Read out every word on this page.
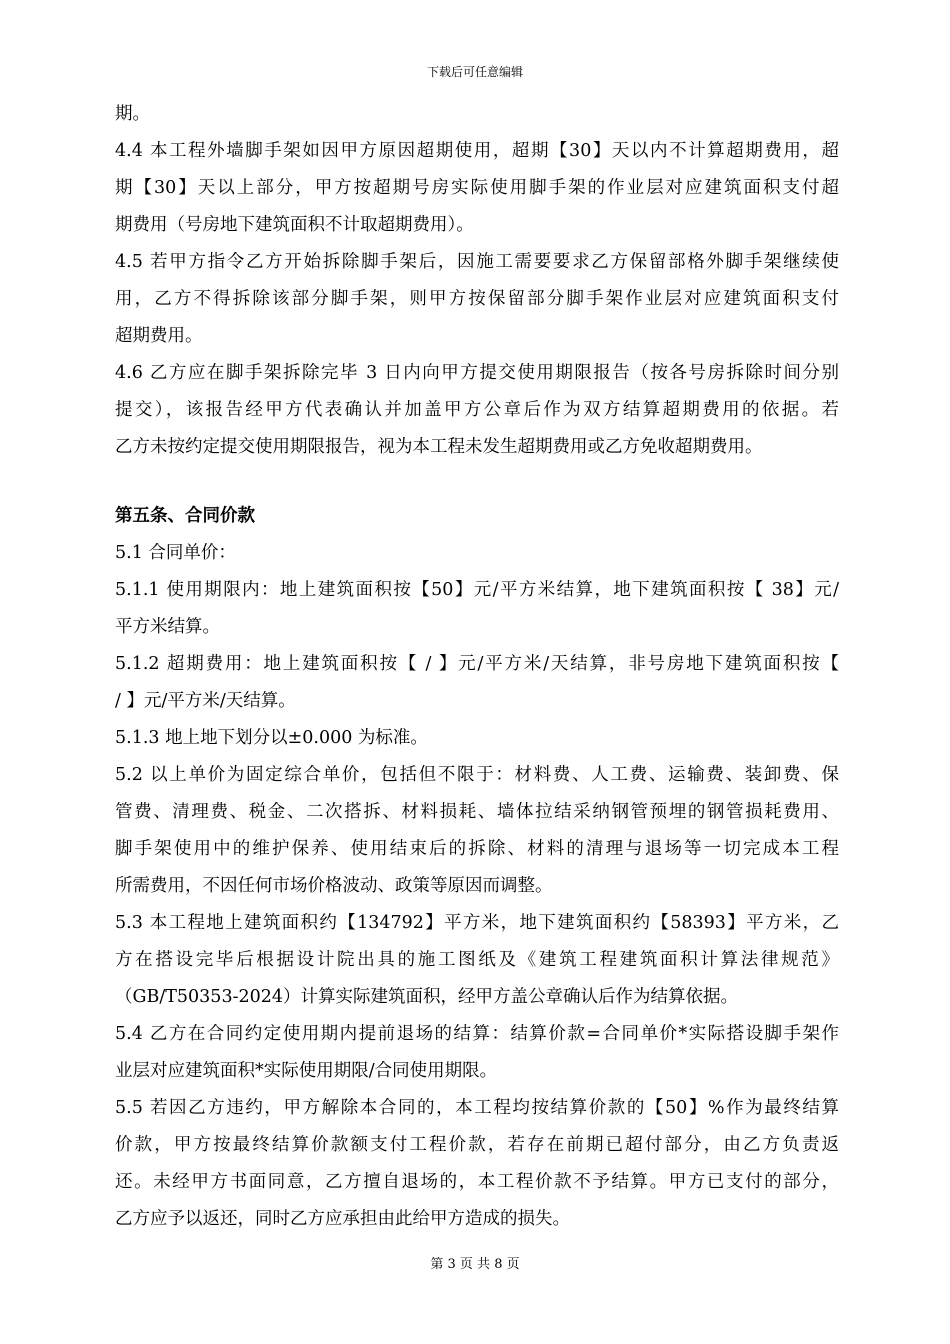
下载后可任意编辑
期。
4.4 本工程外墙脚手架如因甲方原因超期使用，超期【30】天以内不计算超期费用，超
期【30】天以上部分，甲方按超期号房实际使用脚手架的作业层对应建筑面积支付超
期费用（号房地下建筑面积不计取超期费用）。
4.5 若甲方指令乙方开始拆除脚手架后，因施工需要要求乙方保留部格外脚手架继续使
用，乙方不得拆除该部分脚手架，则甲方按保留部分脚手架作业层对应建筑面积支付
超期费用。
4.6 乙方应在脚手架拆除完毕 3 日内向甲方提交使用期限报告（按各号房拆除时间分别
提交），该报告经甲方代表确认并加盖甲方公章后作为双方结算超期费用的依据。若
乙方未按约定提交使用期限报告，视为本工程未发生超期费用或乙方免收超期费用。
第五条、合同价款
5.1 合同单价：
5.1.1 使用期限内：地上建筑面积按【50】元/平方米结算，地下建筑面积按【 38】元/
平方米结算。
5.1.2 超期费用：地上建筑面积按【 / 】元/平方米/天结算，非号房地下建筑面积按【
/ 】元/平方米/天结算。
5.1.3 地上地下划分以±0.000 为标准。
5.2 以上单价为固定综合单价，包括但不限于：材料费、人工费、运输费、装卸费、保
管费、清理费、税金、二次搭拆、材料损耗、墙体拉结采纳钢管预埋的钢管损耗费用、
脚手架使用中的维护保养、使用结束后的拆除、材料的清理与退场等一切完成本工程
所需费用，不因任何市场价格波动、政策等原因而调整。
5.3 本工程地上建筑面积约【134792】平方米，地下建筑面积约【58393】平方米，乙
方在搭设完毕后根据设计院出具的施工图纸及《建筑工程建筑面积计算法律规范》
（GB/T50353-2024）计算实际建筑面积，经甲方盖公章确认后作为结算依据。
5.4 乙方在合同约定使用期内提前退场的结算：结算价款=合同单价*实际搭设脚手架作
业层对应建筑面积*实际使用期限/合同使用期限。
5.5 若因乙方违约，甲方解除本合同的，本工程均按结算价款的【50】%作为最终结算
价款，甲方按最终结算价款额支付工程价款，若存在前期已超付部分，由乙方负责返
还。未经甲方书面同意，乙方擅自退场的，本工程价款不予结算。甲方已支付的部分，
乙方应予以返还，同时乙方应承担由此给甲方造成的损失。
第 3 页 共 8 页
